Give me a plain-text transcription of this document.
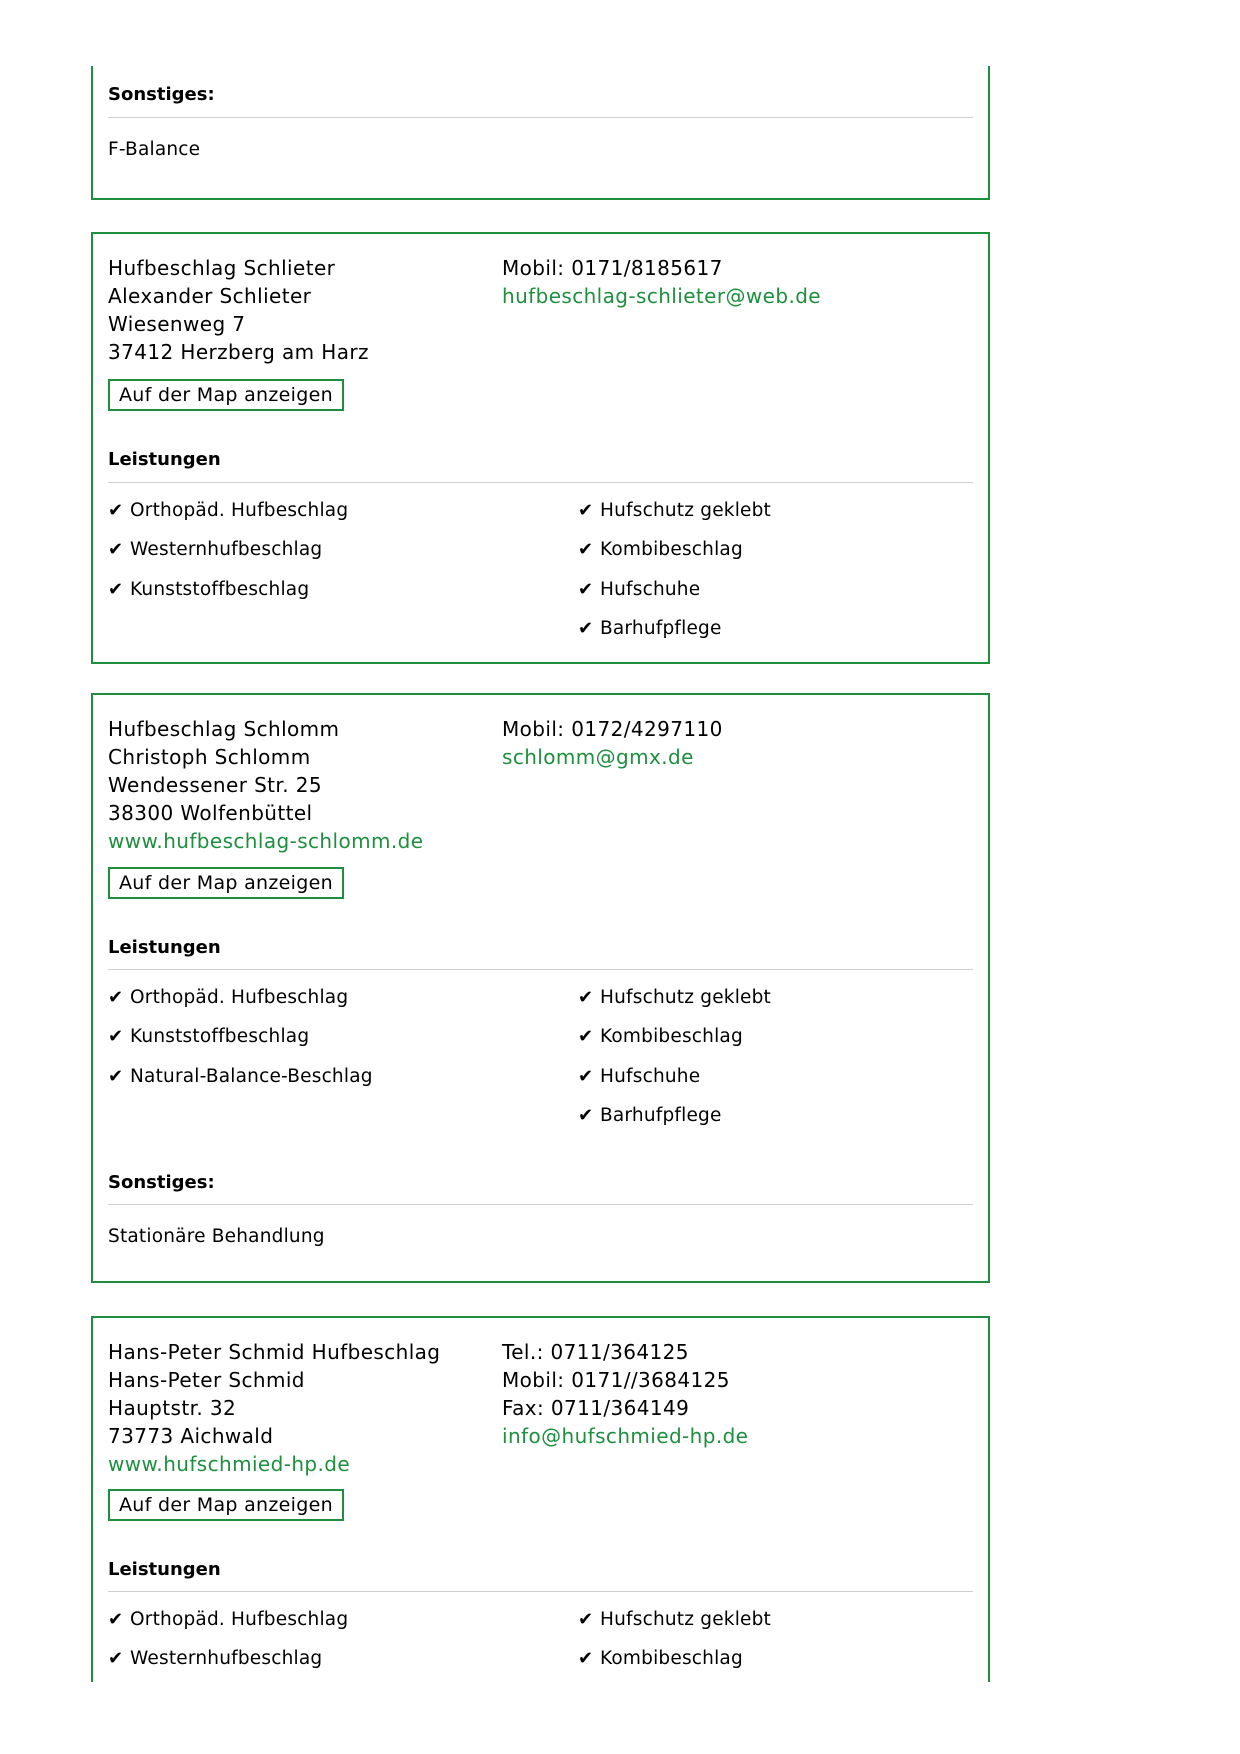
Sonstiges:
F-Balance
Hufbeschlag Schlieter
Alexander Schlieter
Wiesenweg 7
37412 Herzberg am Harz
Mobil: 0171/8185617
hufbeschlag-schlieter@web.de
Auf der Map anzeigen
Leistungen
✔ Orthopäd. Hufbeschlag
✔ Westernhufbeschlag
✔ Kunststoffbeschlag
✔ Hufschutz geklebt
✔ Kombibeschlag
✔ Hufschuhe
✔ Barhufpflege
Hufbeschlag Schlomm
Christoph Schlomm
Wendessener Str. 25
38300 Wolfenbüttel
www.hufbeschlag-schlomm.de
Mobil: 0172/4297110
schlomm@gmx.de
Auf der Map anzeigen
Leistungen
✔ Orthopäd. Hufbeschlag
✔ Kunststoffbeschlag
✔ Natural-Balance-Beschlag
✔ Hufschutz geklebt
✔ Kombibeschlag
✔ Hufschuhe
✔ Barhufpflege
Sonstiges:
Stationäre Behandlung
Hans-Peter Schmid Hufbeschlag
Hans-Peter Schmid
Hauptstr. 32
73773 Aichwald
www.hufschmied-hp.de
Tel.: 0711/364125
Mobil: 0171//3684125
Fax: 0711/364149
info@hufschmied-hp.de
Auf der Map anzeigen
Leistungen
✔ Orthopäd. Hufbeschlag
✔ Westernhufbeschlag
✔ Hufschutz geklebt
✔ Kombibeschlag
